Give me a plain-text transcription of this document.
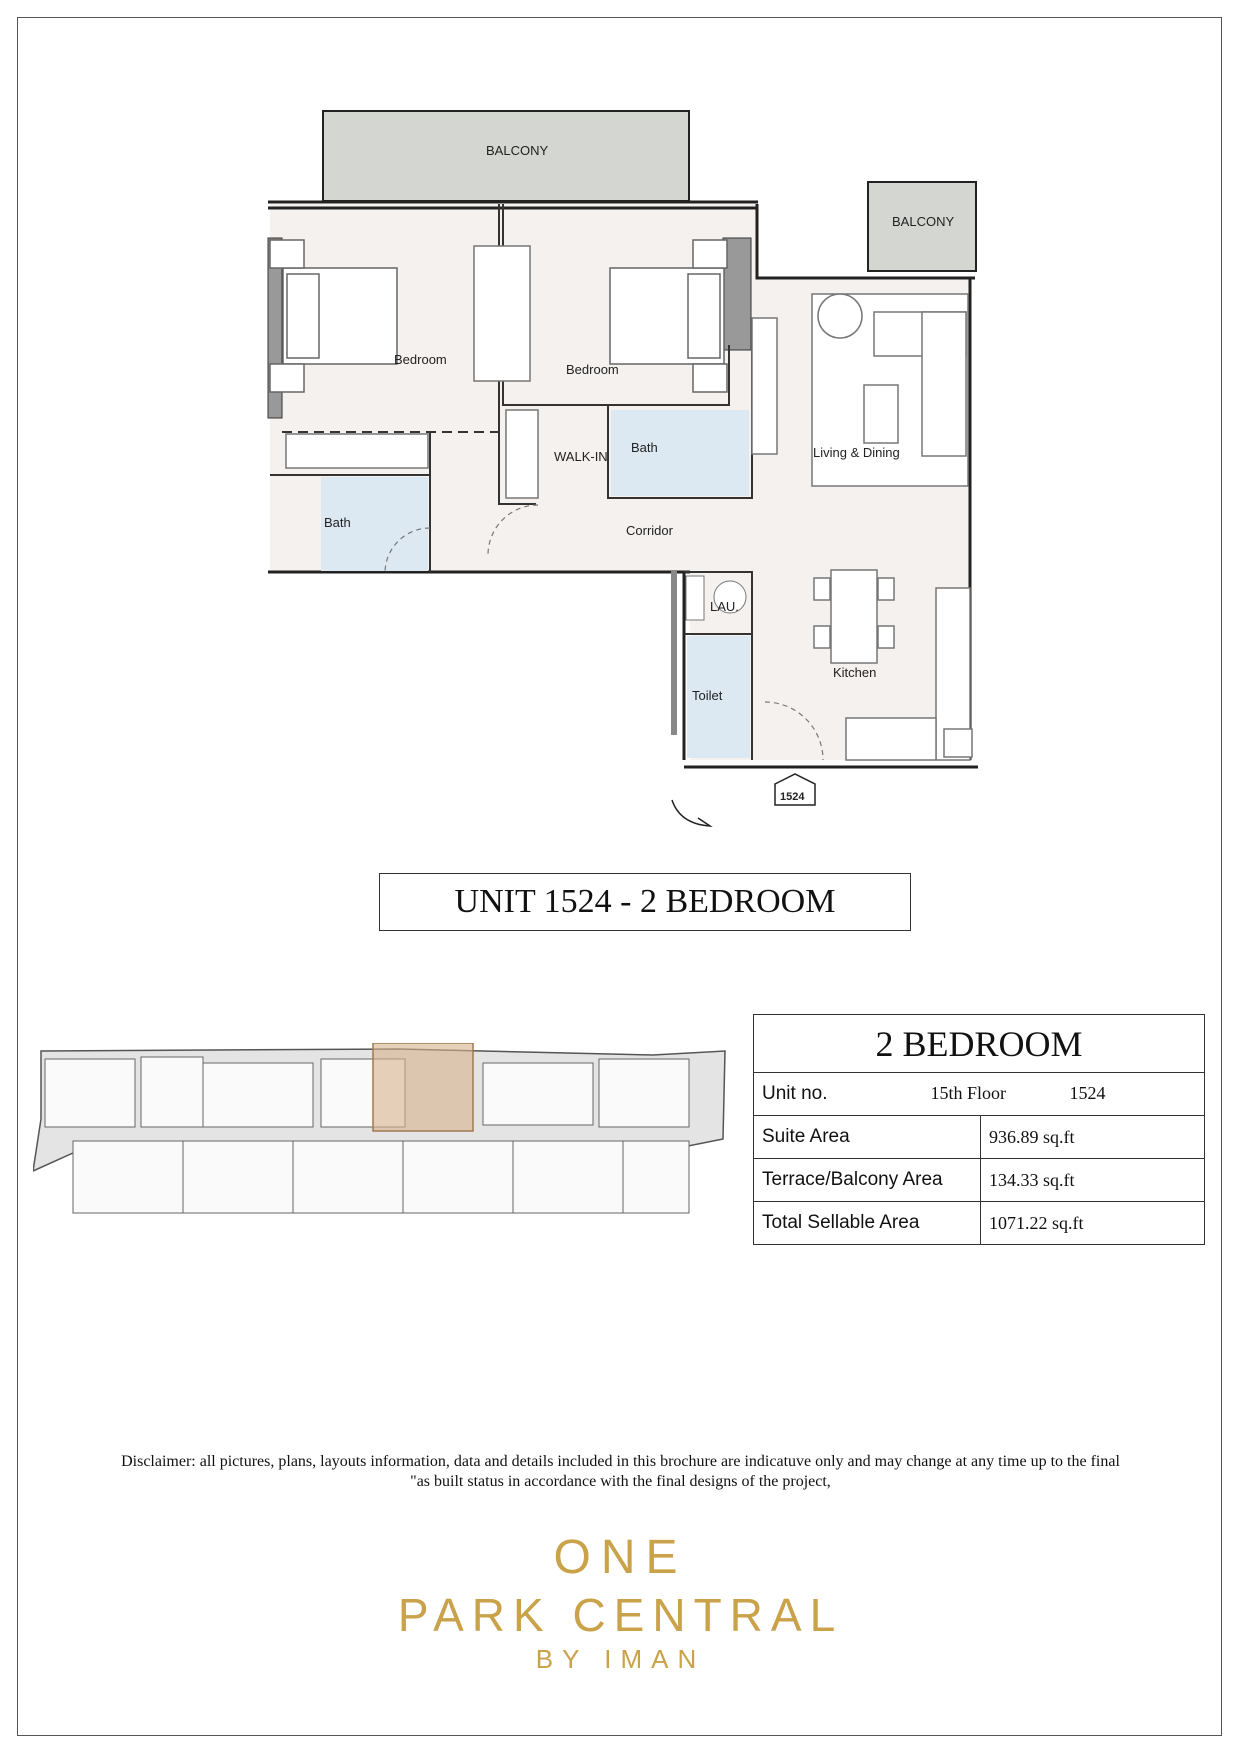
BALCONY
BALCONY
Bedroom
Bedroom
WALK-IN
Bath
Bath
Living & Dining
Corridor
LAU.
Kitchen
Toilet
1524
UNIT 1524 - 2 BEDROOM
2 BEDROOM	
Unit no. 15th Floor 1524	

Suite Area	936.89 sq.ft
Terrace/Balcony Area	134.33 sq.ft
Total Sellable Area	1071.22 sq.ft
Disclaimer: all pictures, plans, layouts information, data and details included in this brochure are indicatuve only and may change at any time up to the final
"as built status in accordance with the final designs of the project,
ONE
PARK CENTRAL
BY IMAN
